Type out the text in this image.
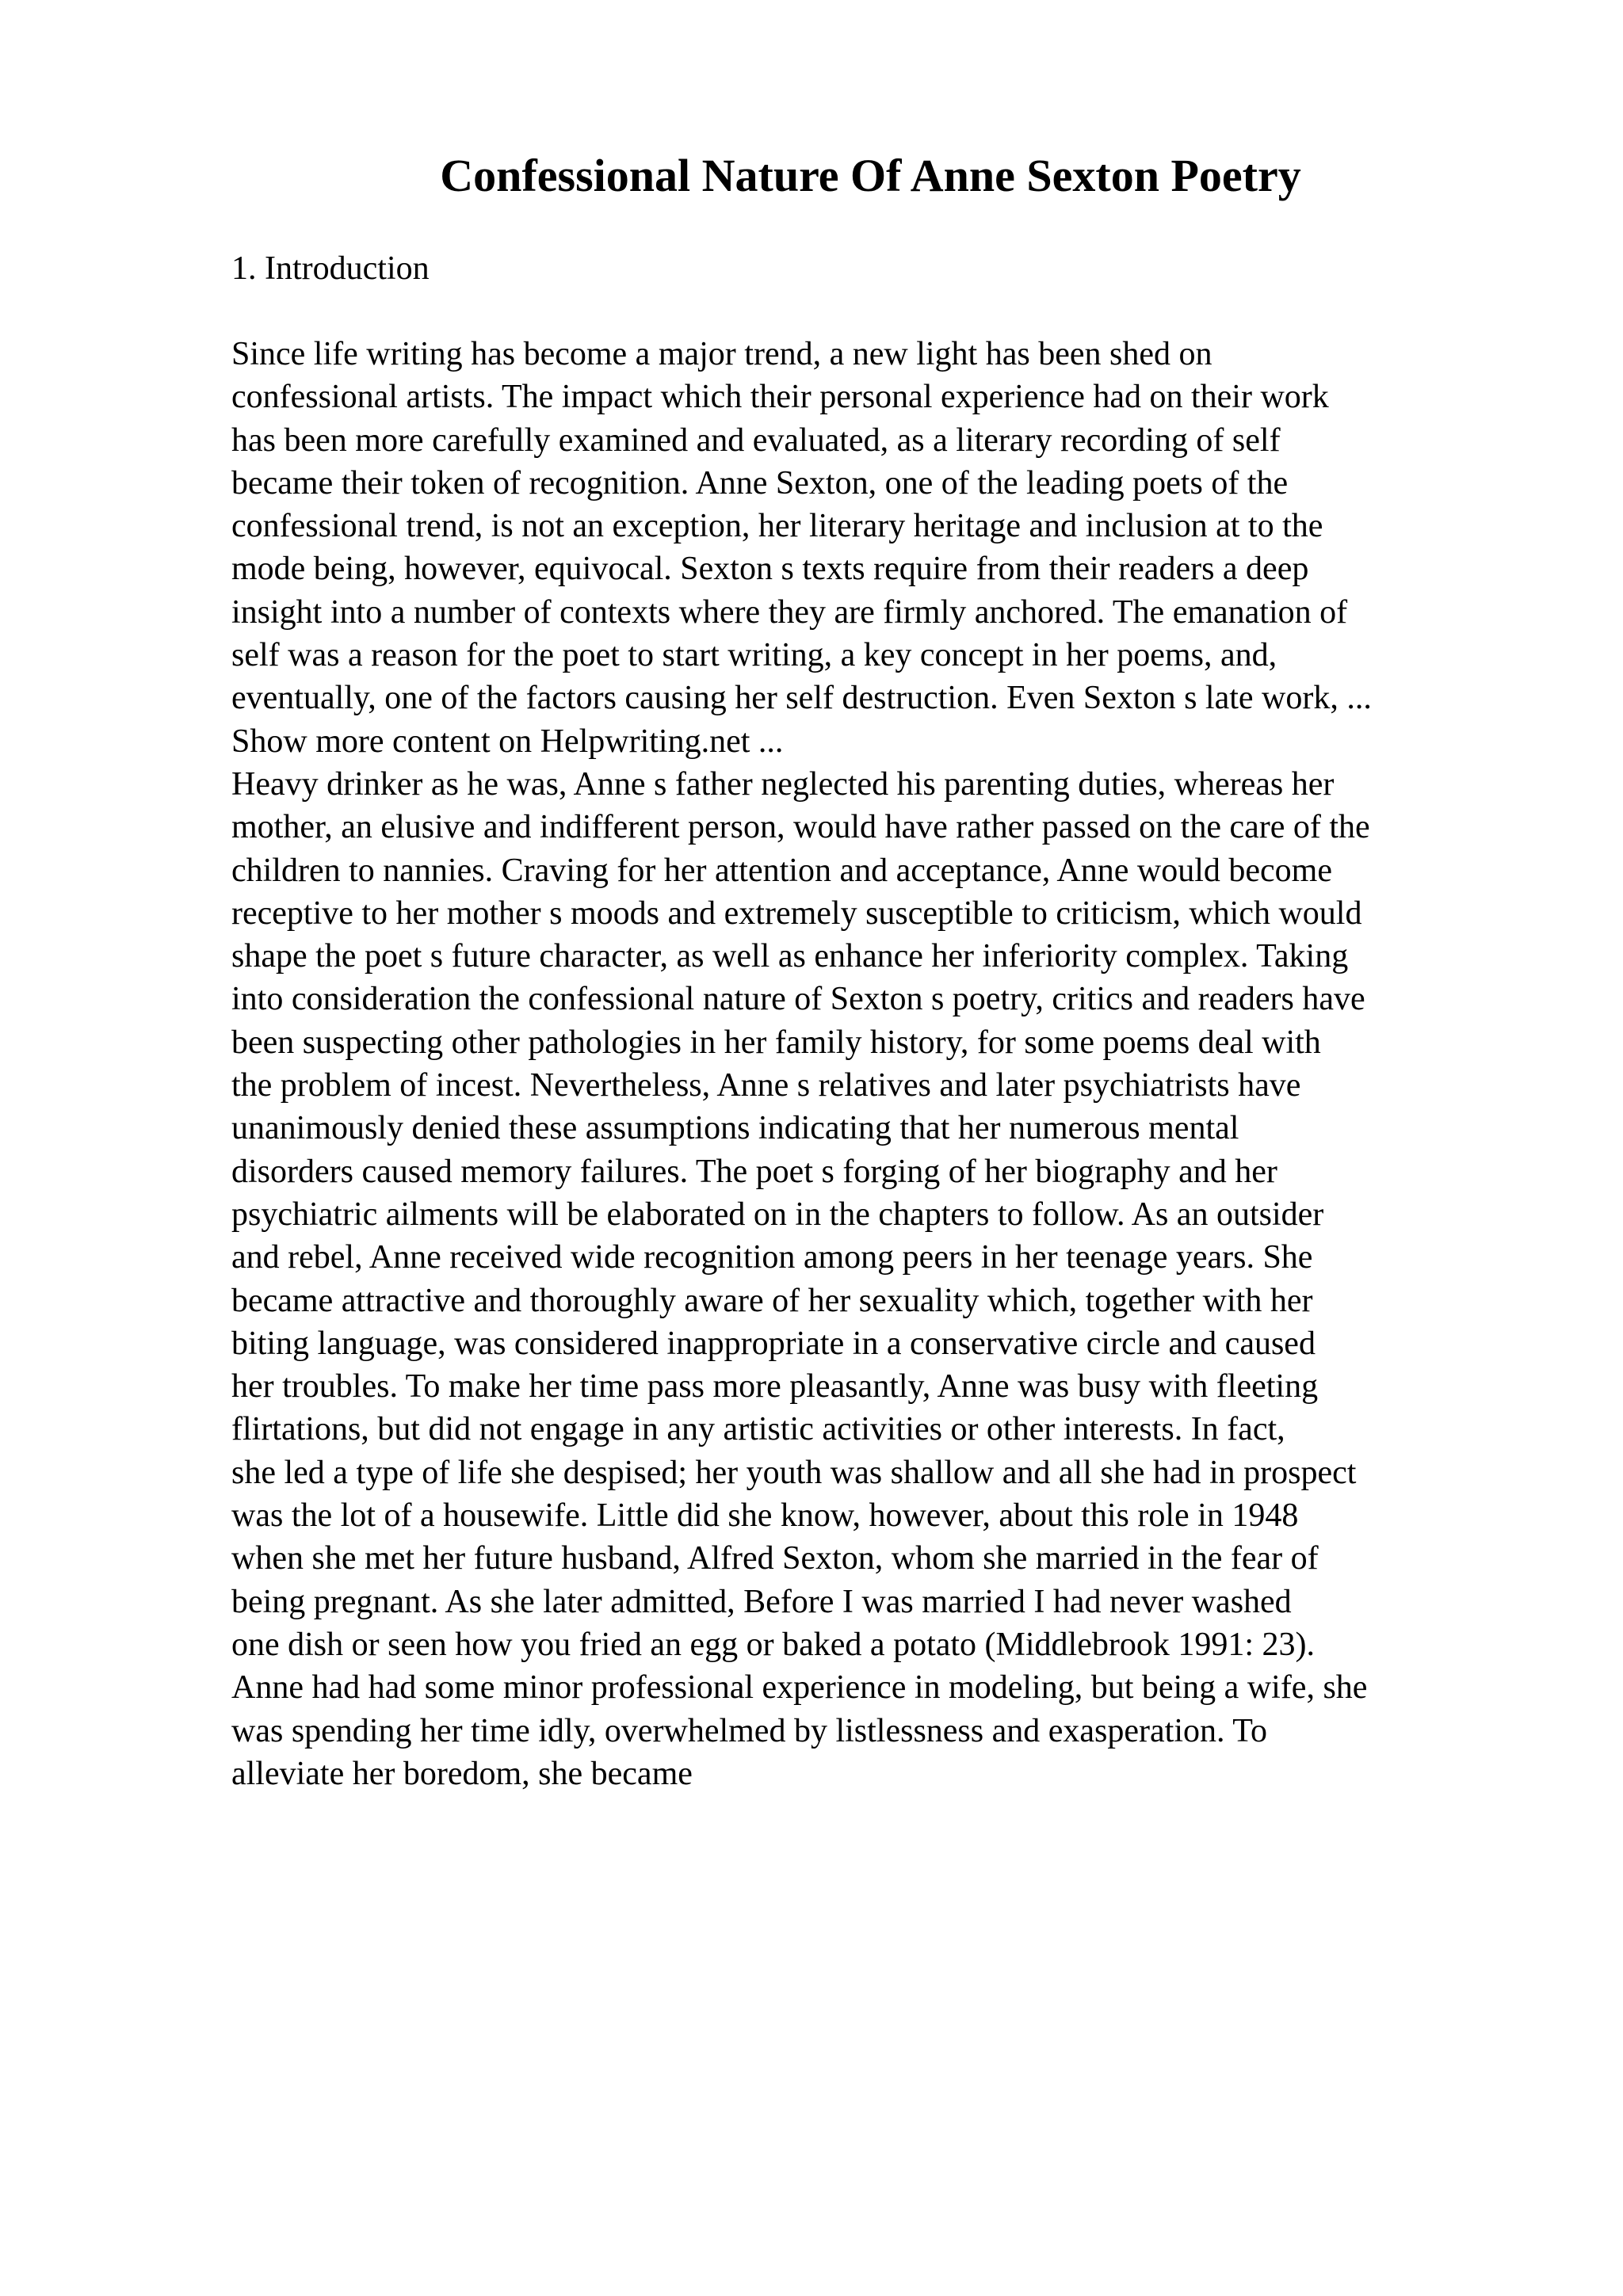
Confessional Nature Of Anne Sexton Poetry

1. Introduction

Since life writing has become a major trend, a new light has been shed on
confessional artists. The impact which their personal experience had on their work
has been more carefully examined and evaluated, as a literary recording of self
became their token of recognition. Anne Sexton, one of the leading poets of the
confessional trend, is not an exception, her literary heritage and inclusion at to the
mode being, however, equivocal. Sexton s texts require from their readers a deep
insight into a number of contexts where they are firmly anchored. The emanation of
self was a reason for the poet to start writing, a key concept in her poems, and,
eventually, one of the factors causing her self destruction. Even Sexton s late work, ...
Show more content on Helpwriting.net ...
Heavy drinker as he was, Anne s father neglected his parenting duties, whereas her
mother, an elusive and indifferent person, would have rather passed on the care of the
children to nannies. Craving for her attention and acceptance, Anne would become
receptive to her mother s moods and extremely susceptible to criticism, which would
shape the poet s future character, as well as enhance her inferiority complex. Taking
into consideration the confessional nature of Sexton s poetry, critics and readers have
been suspecting other pathologies in her family history, for some poems deal with
the problem of incest. Nevertheless, Anne s relatives and later psychiatrists have
unanimously denied these assumptions indicating that her numerous mental
disorders caused memory failures. The poet s forging of her biography and her
psychiatric ailments will be elaborated on in the chapters to follow. As an outsider
and rebel, Anne received wide recognition among peers in her teenage years. She
became attractive and thoroughly aware of her sexuality which, together with her
biting language, was considered inappropriate in a conservative circle and caused
her troubles. To make her time pass more pleasantly, Anne was busy with fleeting
flirtations, but did not engage in any artistic activities or other interests. In fact,
she led a type of life she despised; her youth was shallow and all she had in prospect
was the lot of a housewife. Little did she know, however, about this role in 1948
when she met her future husband, Alfred Sexton, whom she married in the fear of
being pregnant. As she later admitted, Before I was married I had never washed
one dish or seen how you fried an egg or baked a potato (Middlebrook 1991: 23).
Anne had had some minor professional experience in modeling, but being a wife, she
was spending her time idly, overwhelmed by listlessness and exasperation. To
alleviate her boredom, she became
